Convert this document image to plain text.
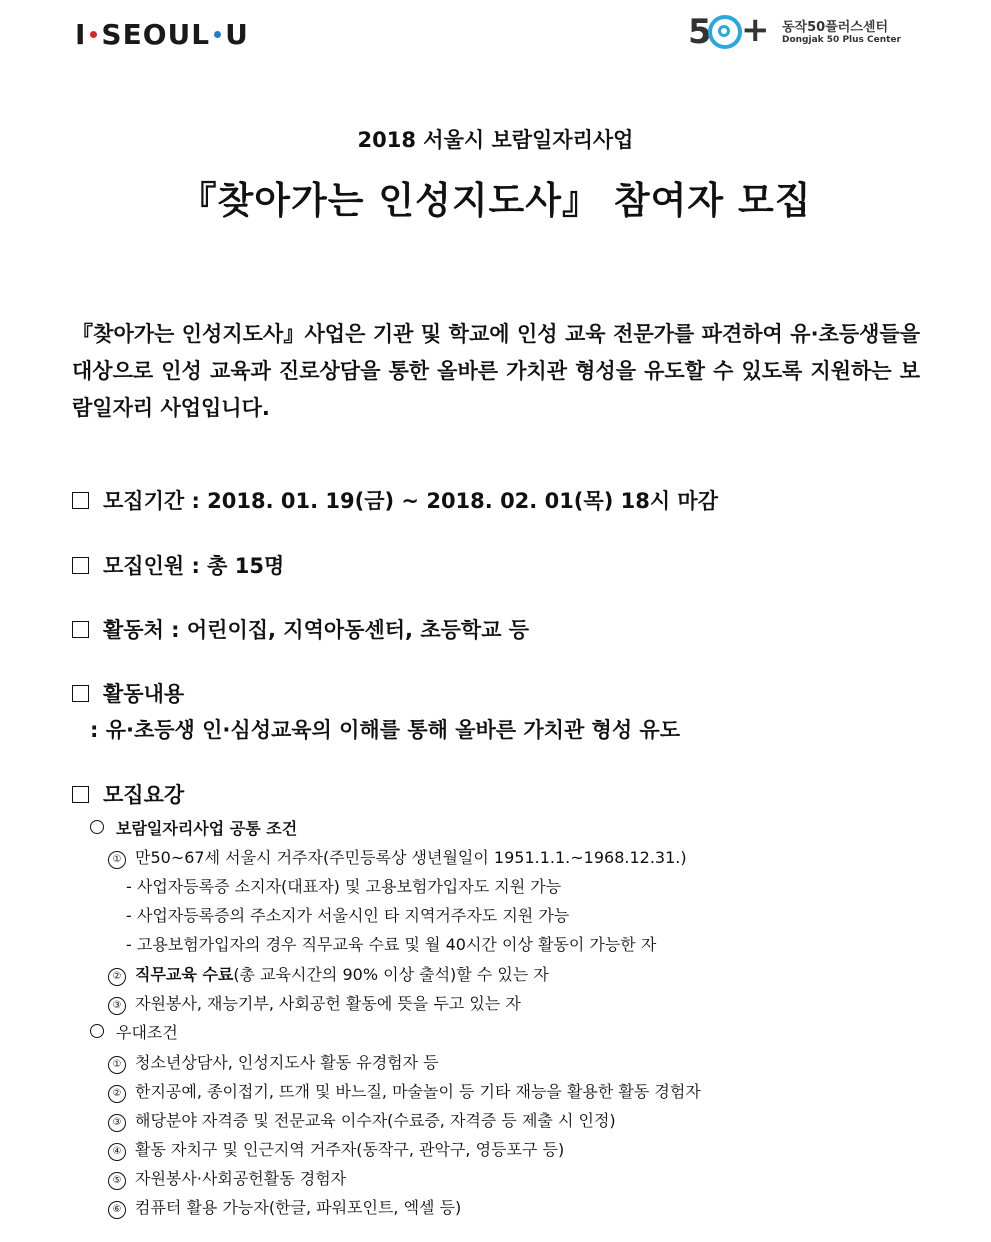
I SEOUL U	5 + 동작50플러스센터
Dongjak 50 Plus Center
2018 서울시 보람일자리사업
『찾아가는 인성지도사』 참여자 모집
『찾아가는 인성지도사』사업은 기관 및 학교에 인성 교육 전문가를 파견하여 유·초등생들을 대상으로 인성 교육과 진로상담을 통한 올바른 가치관 형성을 유도할 수 있도록 지원하는 보람일자리 사업입니다.
모집기간 : 2018. 01. 19(금) ~ 2018. 02. 01(목) 18시 마감
모집인원 : 총 15명
활동처 : 어린이집, 지역아동센터, 초등학교 등
활동내용
: 유·초등생 인·심성교육의 이해를 통해 올바른 가치관 형성 유도
모집요강
보람일자리사업 공통 조건
① 만50~67세 서울시 거주자(주민등록상 생년월일이 1951.1.1.~1968.12.31.)
- 사업자등록증 소지자(대표자) 및 고용보험가입자도 지원 가능
- 사업자등록증의 주소지가 서울시인 타 지역거주자도 지원 가능
- 고용보험가입자의 경우 직무교육 수료 및 월 40시간 이상 활동이 가능한 자
② 직무교육 수료(총 교육시간의 90% 이상 출석)할 수 있는 자
③ 자원봉사, 재능기부, 사회공헌 활동에 뜻을 두고 있는 자
우대조건
① 청소년상담사, 인성지도사 활동 유경험자 등
② 한지공예, 종이접기, 뜨개 및 바느질, 마술놀이 등 기타 재능을 활용한 활동 경험자
③ 해당분야 자격증 및 전문교육 이수자(수료증, 자격증 등 제출 시 인정)
④ 활동 자치구 및 인근지역 거주자(동작구, 관악구, 영등포구 등)
⑤ 자원봉사·사회공헌활동 경험자
⑥ 컴퓨터 활용 가능자(한글, 파워포인트, 엑셀 등)
